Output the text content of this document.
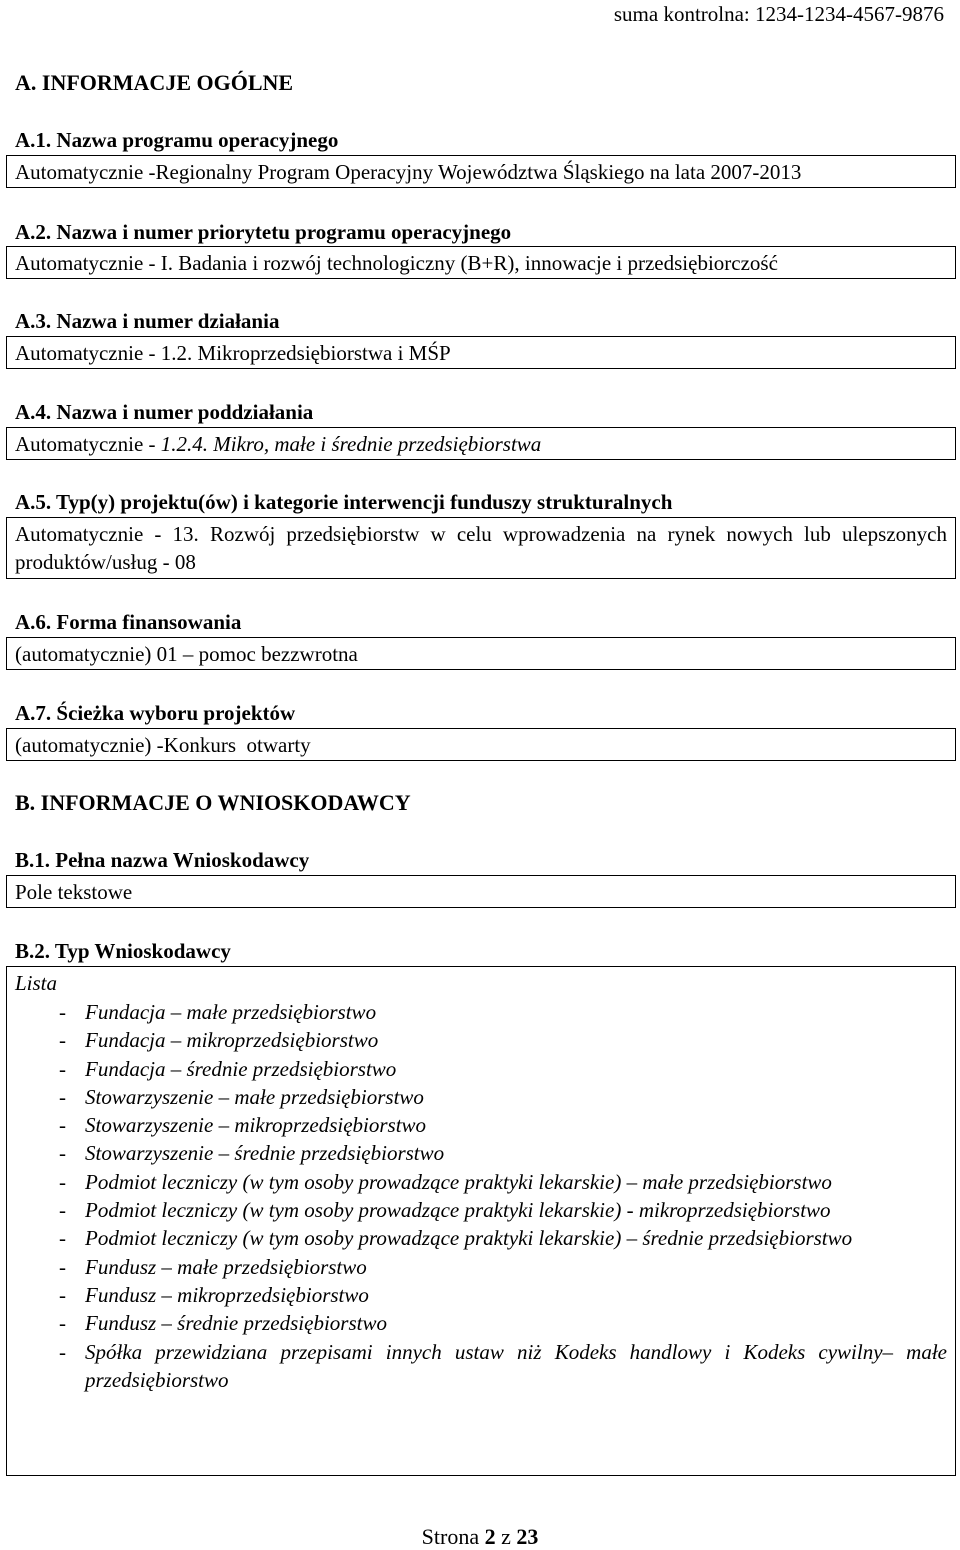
suma kontrolna: 1234-1234-4567-9876
A. INFORMACJE OGÓLNE
A.1. Nazwa programu operacyjnego
Automatycznie -Regionalny Program Operacyjny Województwa Śląskiego na lata 2007-2013
A.2. Nazwa i numer priorytetu programu operacyjnego
Automatycznie - I. Badania i rozwój technologiczny (B+R), innowacje i przedsiębiorczość
A.3. Nazwa i numer działania
Automatycznie - 1.2. Mikroprzedsiębiorstwa i MŚP
A.4. Nazwa i numer poddziałania
Automatycznie - 1.2.4. Mikro, małe i średnie przedsiębiorstwa
A.5. Typ(y) projektu(ów) i kategorie interwencji funduszy strukturalnych
Automatycznie - 13. Rozwój przedsiębiorstw w celu wprowadzenia na rynek nowych lub ulepszonych produktów/usług - 08
A.6. Forma finansowania
(automatycznie) 01 – pomoc bezzwrotna
A.7. Ścieżka wyboru projektów
(automatycznie) -Konkurs  otwarty
B. INFORMACJE O WNIOSKODAWCY
B.1. Pełna nazwa Wnioskodawcy
Pole tekstowe
B.2. Typ Wnioskodawcy
Lista
- Fundacja – małe przedsiębiorstwo
- Fundacja – mikroprzedsiębiorstwo
- Fundacja – średnie przedsiębiorstwo
- Stowarzyszenie – małe przedsiębiorstwo
- Stowarzyszenie – mikroprzedsiębiorstwo
- Stowarzyszenie – średnie przedsiębiorstwo
- Podmiot leczniczy (w tym osoby prowadzące praktyki lekarskie) – małe przedsiębiorstwo
- Podmiot leczniczy (w tym osoby prowadzące praktyki lekarskie) - mikroprzedsiębiorstwo
- Podmiot leczniczy (w tym osoby prowadzące praktyki lekarskie) – średnie przedsiębiorstwo
- Fundusz – małe przedsiębiorstwo
- Fundusz – mikroprzedsiębiorstwo
- Fundusz – średnie przedsiębiorstwo
- Spółka przewidziana przepisami innych ustaw niż Kodeks handlowy i Kodeks cywilny– małe przedsiębiorstwo
Strona 2 z 23
